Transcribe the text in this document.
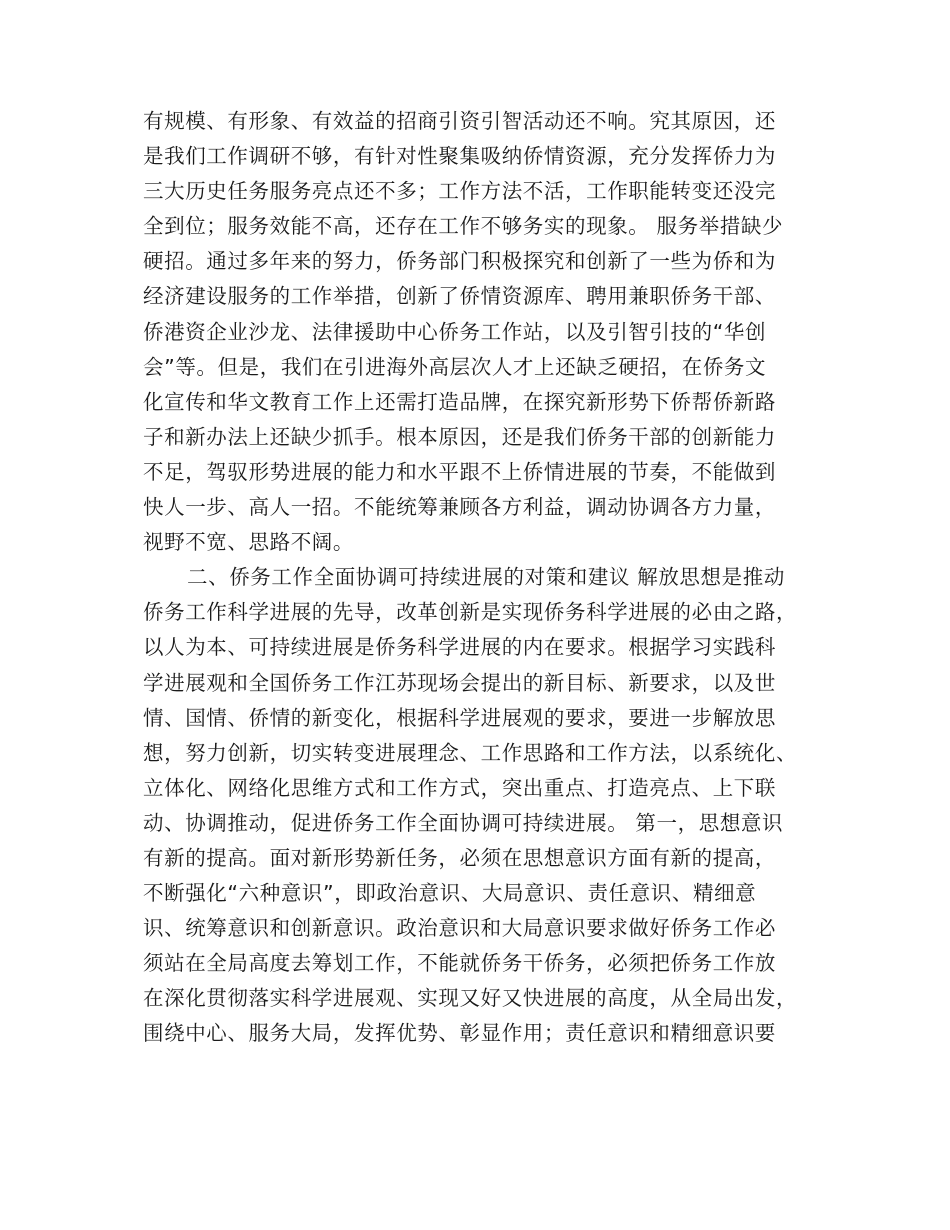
有规模、有形象、有效益的招商引资引智活动还不响。究其原因，还
是我们工作调研不够，有针对性聚集吸纳侨情资源，充分发挥侨力为
三大历史任务服务亮点还不多；工作方法不活，工作职能转变还没完
全到位；服务效能不高，还存在工作不够务实的现象。 服务举措缺少
硬招。通过多年来的努力，侨务部门积极探究和创新了一些为侨和为
经济建设服务的工作举措，创新了侨情资源库、聘用兼职侨务干部、
侨港资企业沙龙、法律援助中心侨务工作站，以及引智引技的“华创
会”等。但是，我们在引进海外高层次人才上还缺乏硬招，在侨务文
化宣传和华文教育工作上还需打造品牌，在探究新形势下侨帮侨新路
子和新办法上还缺少抓手。根本原因，还是我们侨务干部的创新能力
不足，驾驭形势进展的能力和水平跟不上侨情进展的节奏，不能做到
快人一步、高人一招。不能统筹兼顾各方利益，调动协调各方力量，
视野不宽、思路不阔。
二、侨务工作全面协调可持续进展的对策和建议 解放思想是推动
侨务工作科学进展的先导，改革创新是实现侨务科学进展的必由之路，
以人为本、可持续进展是侨务科学进展的内在要求。根据学习实践科
学进展观和全国侨务工作江苏现场会提出的新目标、新要求，以及世
情、国情、侨情的新变化，根据科学进展观的要求，要进一步解放思
想，努力创新，切实转变进展理念、工作思路和工作方法，以系统化、
立体化、网络化思维方式和工作方式，突出重点、打造亮点、上下联
动、协调推动，促进侨务工作全面协调可持续进展。 第一，思想意识
有新的提高。面对新形势新任务，必须在思想意识方面有新的提高，
不断强化“六种意识”，即政治意识、大局意识、责任意识、精细意
识、统筹意识和创新意识。政治意识和大局意识要求做好侨务工作必
须站在全局高度去筹划工作，不能就侨务干侨务，必须把侨务工作放
在深化贯彻落实科学进展观、实现又好又快进展的高度，从全局出发，
围绕中心、服务大局，发挥优势、彰显作用；责任意识和精细意识要
